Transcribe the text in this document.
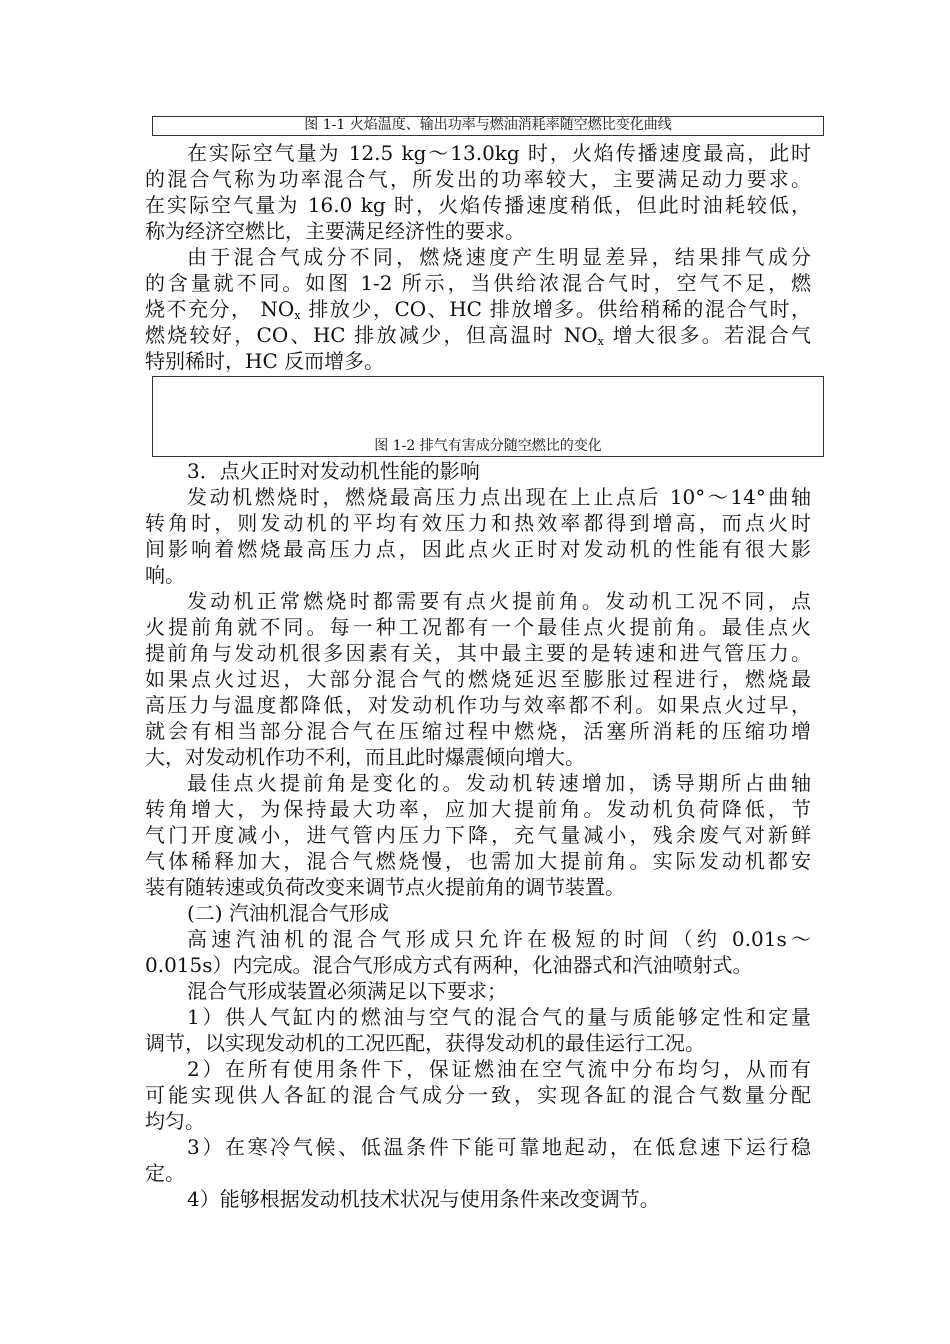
图 1-1 火焰温度、输出功率与燃油消耗率随空燃比变化曲线
在实际空气量为 12.5 kg～13.0kg 时，火焰传播速度最高，此时
的混合气称为功率混合气，所发出的功率较大，主要满足动力要求。
在实际空气量为 16.0 kg 时，火焰传播速度稍低，但此时油耗较低，
称为经济空燃比，主要满足经济性的要求。
由于混合气成分不同，燃烧速度产生明显差异，结果排气成分
的含量就不同。如图 1-2 所示，当供给浓混合气时，空气不足，燃
烧不充分， $NO_x$ 排放少，CO、HC 排放增多。供给稍稀的混合气时，
燃烧较好，CO、HC 排放减少，但高温时 $NO_x$ 增大很多。若混合气
特别稀时，HC 反而增多。
图 1-2 排气有害成分随空燃比的变化
3．点火正时对发动机性能的影响
发动机燃烧时，燃烧最高压力点出现在上止点后 10°～14°曲轴
转角时，则发动机的平均有效压力和热效率都得到增高，而点火时
间影响着燃烧最高压力点，因此点火正时对发动机的性能有很大影
响。
发动机正常燃烧时都需要有点火提前角。发动机工况不同，点
火提前角就不同。每一种工况都有一个最佳点火提前角。最佳点火
提前角与发动机很多因素有关，其中最主要的是转速和进气管压力。
如果点火过迟，大部分混合气的燃烧延迟至膨胀过程进行，燃烧最
高压力与温度都降低，对发动机作功与效率都不利。如果点火过早，
就会有相当部分混合气在压缩过程中燃烧，活塞所消耗的压缩功增
大，对发动机作功不利，而且此时爆震倾向增大。
最佳点火提前角是变化的。发动机转速增加，诱导期所占曲轴
转角增大，为保持最大功率，应加大提前角。发动机负荷降低，节
气门开度减小，进气管内压力下降，充气量减小，残余废气对新鲜
气体稀释加大，混合气燃烧慢，也需加大提前角。实际发动机都安
装有随转速或负荷改变来调节点火提前角的调节装置。
(二) 汽油机混合气形成
高速汽油机的混合气形成只允许在极短的时间（约 0.01s～
0.015s）内完成。混合气形成方式有两种，化油器式和汽油喷射式。
混合气形成装置必须满足以下要求；
1）供人气缸内的燃油与空气的混合气的量与质能够定性和定量
调节，以实现发动机的工况匹配，获得发动机的最佳运行工况。
2）在所有使用条件下，保证燃油在空气流中分布均匀，从而有
可能实现供人各缸的混合气成分一致，实现各缸的混合气数量分配
均匀。
3）在寒冷气候、低温条件下能可靠地起动，在低怠速下运行稳
定。
4）能够根据发动机技术状况与使用条件来改变调节。
